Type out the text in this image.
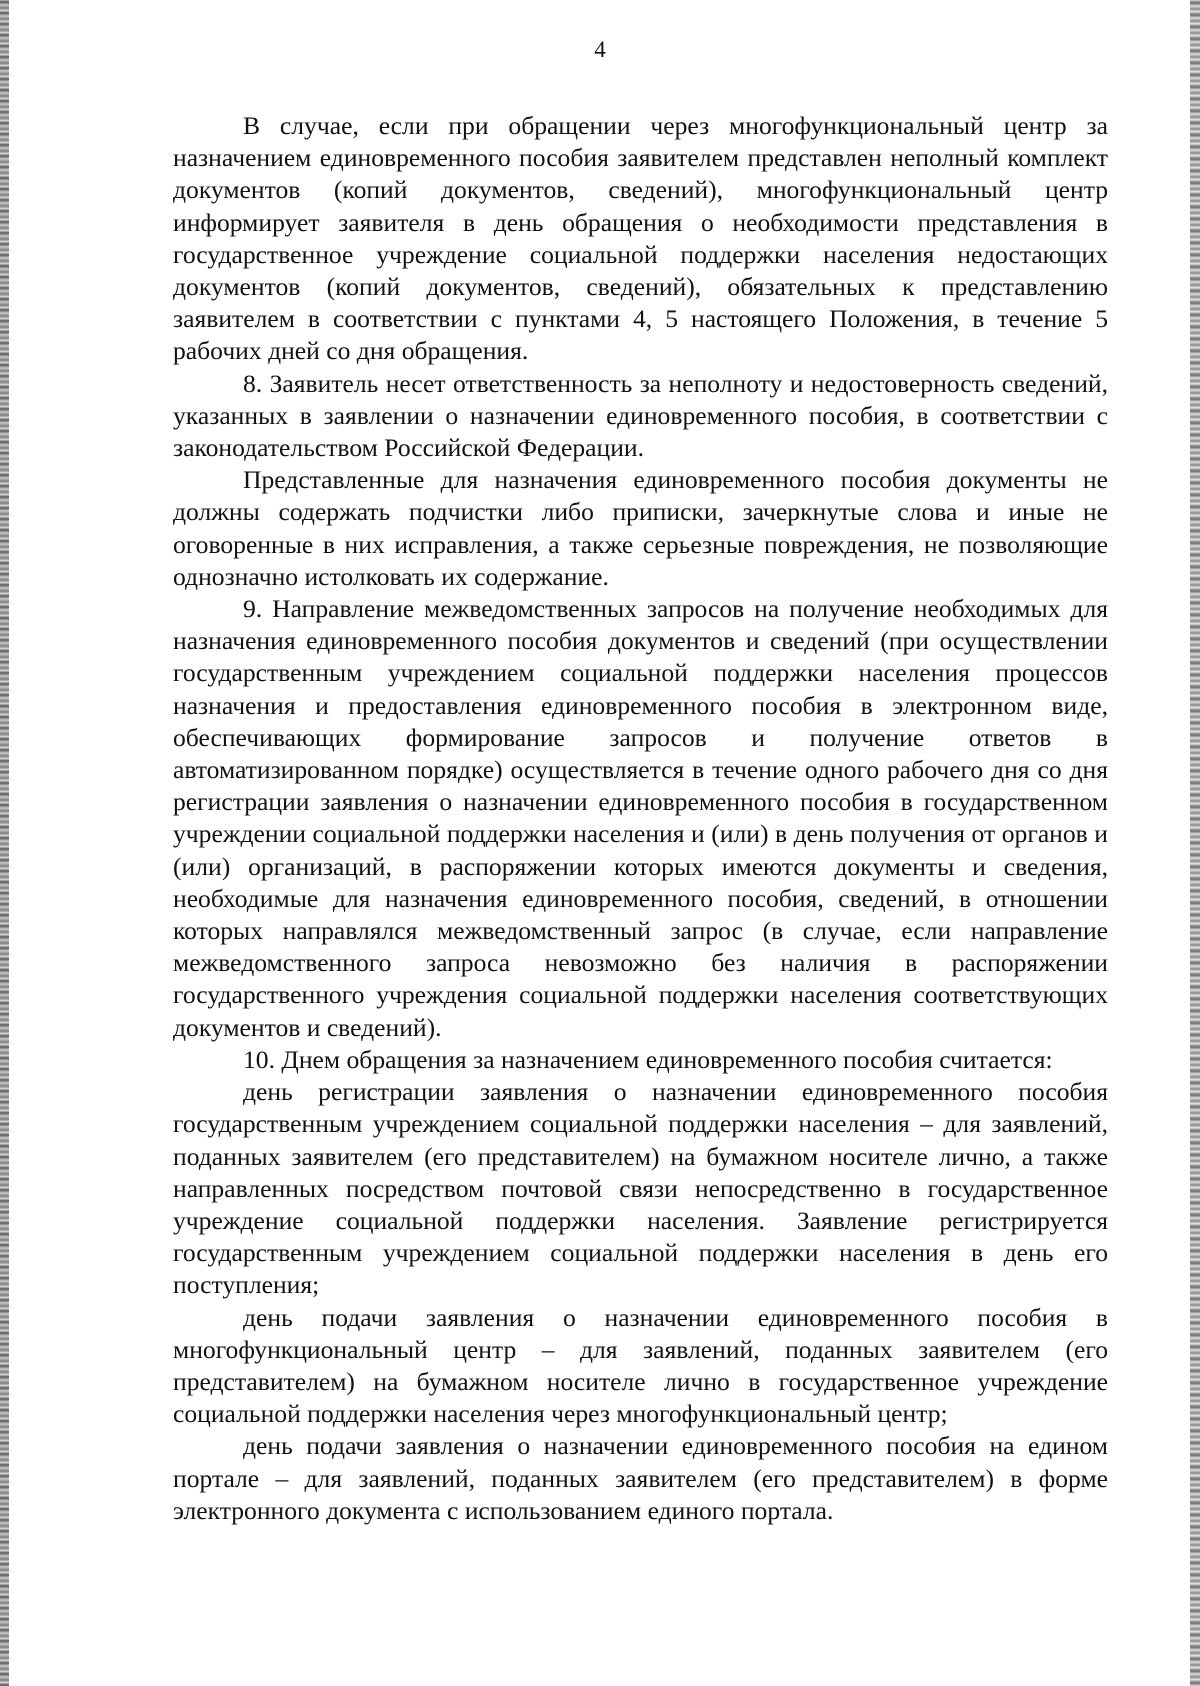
4

В случае, если при обращении через многофункциональный центр за назначением единовременного пособия заявителем представлен неполный комплект документов (копий документов, сведений), многофункциональный центр информирует заявителя в день обращения о необходимости представления в государственное учреждение социальной поддержки населения недостающих документов (копий документов, сведений), обязательных к представлению заявителем в соответствии с пунктами 4, 5 настоящего Положения, в течение 5 рабочих дней со дня обращения.

8. Заявитель несет ответственность за неполноту и недостоверность сведений, указанных в заявлении о назначении единовременного пособия, в соответствии с законодательством Российской Федерации.

Представленные для назначения единовременного пособия документы не должны содержать подчистки либо приписки, зачеркнутые слова и иные не оговоренные в них исправления, а также серьезные повреждения, не позволяющие однозначно истолковать их содержание.

9. Направление межведомственных запросов на получение необходимых для назначения единовременного пособия документов и сведений (при осуществлении государственным учреждением социальной поддержки населения процессов назначения и предоставления единовременного пособия в электронном виде, обеспечивающих формирование запросов и получение ответов в автоматизированном порядке) осуществляется в течение одного рабочего дня со дня регистрации заявления о назначении единовременного пособия в государственном учреждении социальной поддержки населения и (или) в день получения от органов и (или) организаций, в распоряжении которых имеются документы и сведения, необходимые для назначения единовременного пособия, сведений, в отношении которых направлялся межведомственный запрос (в случае, если направление межведомственного запроса невозможно без наличия в распоряжении государственного учреждения социальной поддержки населения соответствующих документов и сведений).

10. Днем обращения за назначением единовременного пособия считается:

день регистрации заявления о назначении единовременного пособия государственным учреждением социальной поддержки населения – для заявлений, поданных заявителем (его представителем) на бумажном носителе лично, а также направленных посредством почтовой связи непосредственно в государственное учреждение социальной поддержки населения. Заявление регистрируется государственным учреждением социальной поддержки населения в день его поступления;

день подачи заявления о назначении единовременного пособия в многофункциональный центр – для заявлений, поданных заявителем (его представителем) на бумажном носителе лично в государственное учреждение социальной поддержки населения через многофункциональный центр;

день подачи заявления о назначении единовременного пособия на едином портале – для заявлений, поданных заявителем (его представителем) в форме электронного документа с использованием единого портала.
